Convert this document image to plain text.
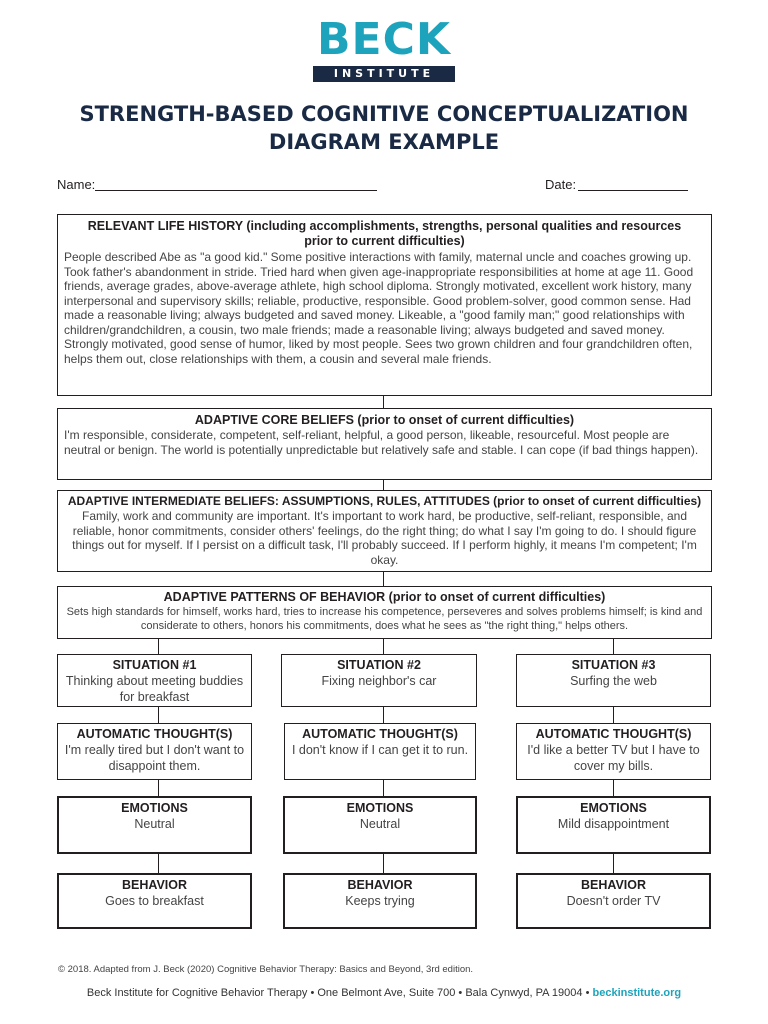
BECK
INSTITUTE
STRENGTH-BASED COGNITIVE CONCEPTUALIZATION
DIAGRAM EXAMPLE
Name:	Date:
RELEVANT LIFE HISTORY (including accomplishments, strengths, personal qualities and resources
prior to current difficulties)
People described Abe as "a good kid." Some positive interactions with family, maternal uncle and coaches growing up. Took father's abandonment in stride. Tried hard when given age-inappropriate responsibilities at home at age 11. Good friends, average grades, above-average athlete, high school diploma. Strongly motivated, excellent work history, many interpersonal and supervisory skills; reliable, productive, responsible. Good problem-solver, good common sense. Had made a reasonable living; always budgeted and saved money. Likeable, a "good family man;" good relationships with children/grandchildren, a cousin, two male friends; made a reasonable living; always budgeted and saved money. Strongly motivated, good sense of humor, liked by most people. Sees two grown children and four grandchildren often, helps them out, close relationships with them, a cousin and several male friends.
ADAPTIVE CORE BELIEFS (prior to onset of current difficulties)
I'm responsible, considerate, competent, self-reliant, helpful, a good person, likeable, resourceful. Most people are neutral or benign. The world is potentially unpredictable but relatively safe and stable. I can cope (if bad things happen).
ADAPTIVE INTERMEDIATE BELIEFS: ASSUMPTIONS, RULES, ATTITUDES (prior to onset of current difficulties)
Family, work and community are important. It's important to work hard, be productive, self-reliant, responsible, and reliable, honor commitments, consider others' feelings, do the right thing; do what I say I'm going to do. I should figure things out for myself. If I persist on a difficult task, I'll probably succeed. If I perform highly, it means I'm competent; I'm okay.
ADAPTIVE PATTERNS OF BEHAVIOR (prior to onset of current difficulties)
Sets high standards for himself, works hard, tries to increase his competence, perseveres and solves problems himself; is kind and considerate to others, honors his commitments, does what he sees as "the right thing," helps others.
SITUATION #1
Thinking about meeting buddies for breakfast
AUTOMATIC THOUGHT(S)
I'm really tired but I don't want to disappoint them.
EMOTIONS
Neutral
BEHAVIOR
Goes to breakfast
SITUATION #2
Fixing neighbor's car
AUTOMATIC THOUGHT(S)
I don't know if I can get it to run.
EMOTIONS
Neutral
BEHAVIOR
Keeps trying
SITUATION #3
Surfing the web
AUTOMATIC THOUGHT(S)
I'd like a better TV but I have to cover my bills.
EMOTIONS
Mild disappointment
BEHAVIOR
Doesn't order TV
© 2018. Adapted from J. Beck (2020) Cognitive Behavior Therapy: Basics and Beyond, 3rd edition.
Beck Institute for Cognitive Behavior Therapy • One Belmont Ave, Suite 700 • Bala Cynwyd, PA 19004 • beckinstitute.org
